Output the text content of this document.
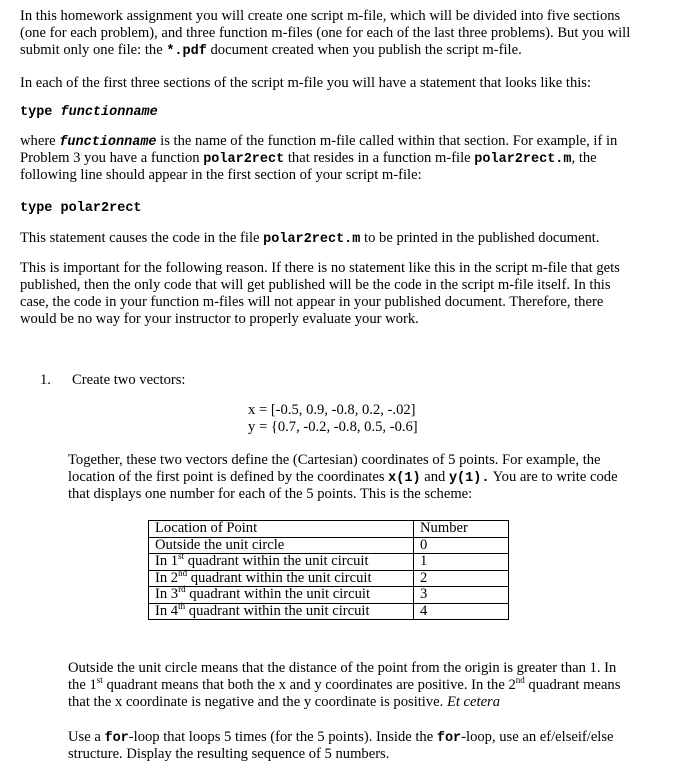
In this homework assignment you will create one script m-file, which will be divided into five sections
(one for each problem), and three function m-files (one for each of the last three problems). But you will
submit only one file: the *.pdf document created when you publish the script m-file.
In each of the first three sections of the script m-file you will have a statement that looks like this:
type functionname
where functionname is the name of the function m-file called within that section. For example, if in
Problem 3 you have a function polar2rect that resides in a function m-file polar2rect.m, the
following line should appear in the first section of your script m-file:
type polar2rect
This statement causes the code in the file polar2rect.m to be printed in the published document.
This is important for the following reason. If there is no statement like this in the script m-file that gets
published, then the only code that will get published will be the code in the script m-file itself. In this
case, the code in your function m-files will not appear in your published document. Therefore, there
would be no way for your instructor to properly evaluate your work.
1. Create two vectors:
x = [-0.5, 0.9, -0.8, 0.2, -.02]
y = {0.7, -0.2, -0.8, 0.5, -0.6]
Together, these two vectors define the (Cartesian) coordinates of 5 points. For example, the
location of the first point is defined by the coordinates x(1) and y(1). You are to write code
that displays one number for each of the 5 points. This is the scheme:
Location of Point	Number
Outside the unit circle	0
In 1st quadrant within the unit circuit	1
In 2nd quadrant within the unit circuit	2
In 3rd quadrant within the unit circuit	3
In 4th quadrant within the unit circuit	4
Outside the unit circle means that the distance of the point from the origin is greater than 1. In
the 1st quadrant means that both the x and y coordinates are positive. In the 2nd quadrant means
that the x coordinate is negative and the y coordinate is positive. Et cetera
Use a for-loop that loops 5 times (for the 5 points). Inside the for-loop, use an ef/elseif/else
structure. Display the resulting sequence of 5 numbers.
